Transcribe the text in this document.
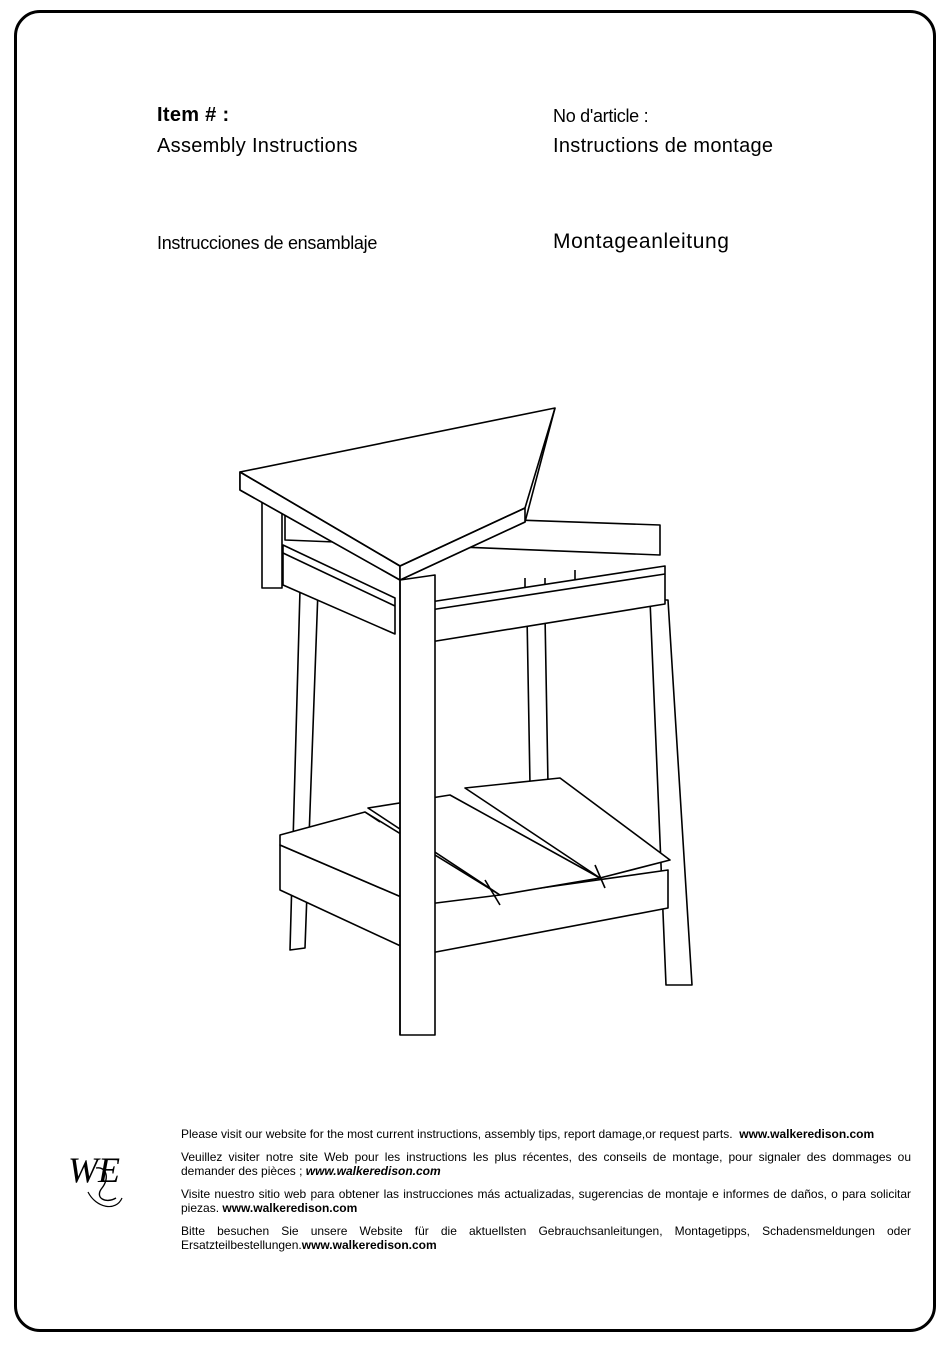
Item # :
Assembly Instructions
No d'article :
Instructions de montage
Instrucciones de ensamblaje	Montageanleitung
WE

Please visit our website for the most current instructions, assembly tips, report damage,or request parts. www.walkeredison.com

Veuillez visiter notre site Web pour les instructions les plus récentes, des conseils de montage, pour signaler des dommages ou demander des pièces ; www.walkeredison.com

Visite nuestro sitio web para obtener las instrucciones más actualizadas, sugerencias de montaje e informes de daños, o para solicitar piezas. www.walkeredison.com

Bitte besuchen Sie unsere Website für die aktuellsten Gebrauchsanleitungen, Montagetipps, Schadensmeldungen oder Ersatzteilbestellungen.www.walkeredison.com
